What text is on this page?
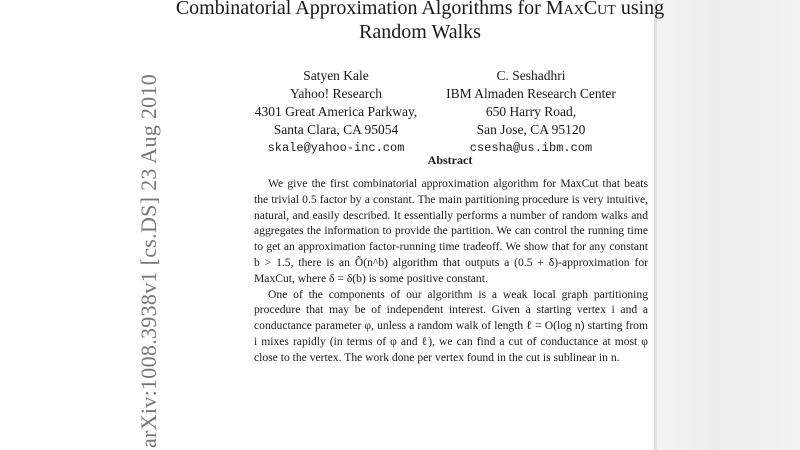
Combinatorial Approximation Algorithms for MaxCut using
Random Walks
Satyen Kale
Yahoo! Research
4301 Great America Parkway,
Santa Clara, CA 95054
skale@yahoo-inc.com
C. Seshadhri
IBM Almaden Research Center
650 Harry Road,
San Jose, CA 95120
csesha@us.ibm.com
Abstract

We give the first combinatorial approximation algorithm for MaxCut that beats the trivial 0.5 factor by a constant. The main partitioning procedure is very intuitive, natural, and easily described. It essentially performs a number of random walks and aggregates the information to provide the partition. We can control the running time to get an approximation factor-running time tradeoff. We show that for any constant b > 1.5, there is an Õ(n^b) algorithm that outputs a (0.5 + δ)-approximation for MaxCut, where δ = δ(b) is some positive constant.

One of the components of our algorithm is a weak local graph partitioning procedure that may be of independent interest. Given a starting vertex i and a conductance parameter φ, unless a random walk of length ℓ = O(log n) starting from i mixes rapidly (in terms of φ and ℓ), we can find a cut of conductance at most φ close to the vertex. The work done per vertex found in the cut is sublinear in n.

arXiv:1008.3938v1 [cs.DS] 23 Aug 2010
